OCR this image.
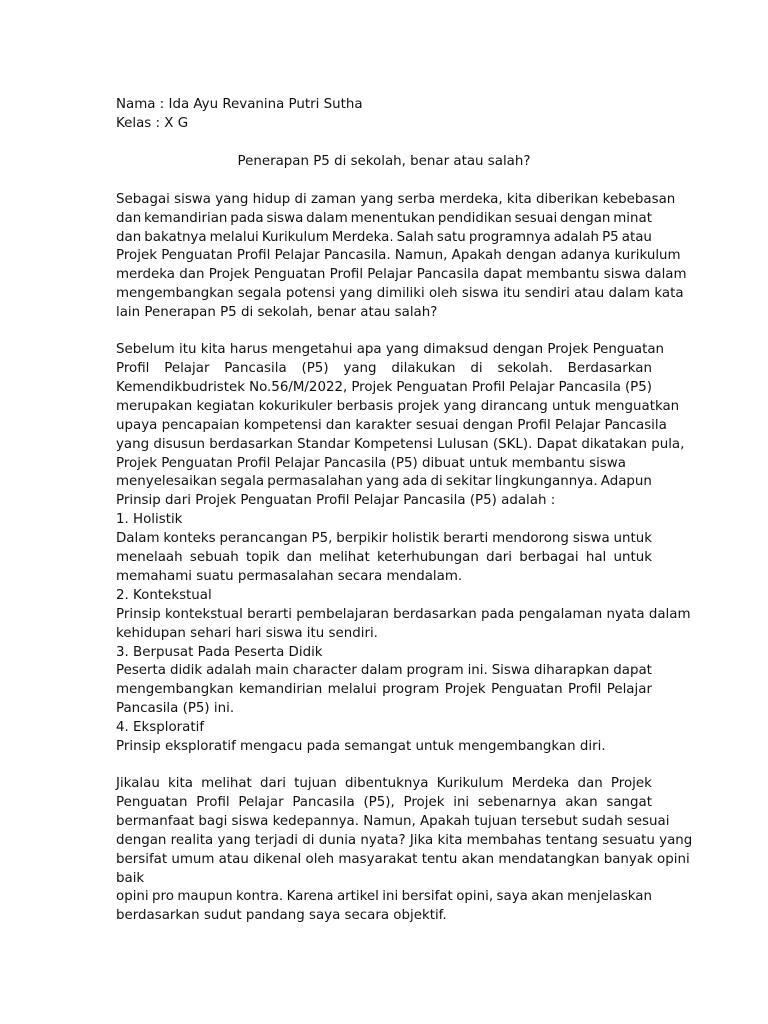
Nama : Ida Ayu Revanina Putri Sutha
Kelas : X G
Penerapan P5 di sekolah, benar atau salah?
Sebagai siswa yang hidup di zaman yang serba merdeka, kita diberikan kebebasan
dan kemandirian pada siswa dalam menentukan pendidikan sesuai dengan minat
dan bakatnya melalui Kurikulum Merdeka. Salah satu programnya adalah P5 atau
Projek Penguatan Profil Pelajar Pancasila. Namun, Apakah dengan adanya kurikulum
merdeka dan Projek Penguatan Profil Pelajar Pancasila dapat membantu siswa dalam
mengembangkan segala potensi yang dimiliki oleh siswa itu sendiri atau dalam kata
lain Penerapan P5 di sekolah, benar atau salah?
Sebelum itu kita harus mengetahui apa yang dimaksud dengan Projek Penguatan
Profil Pelajar Pancasila (P5) yang dilakukan di sekolah. Berdasarkan
Kemendikbudristek No.56/M/2022, Projek Penguatan Profil Pelajar Pancasila (P5)
merupakan kegiatan kokurikuler berbasis projek yang dirancang untuk menguatkan
upaya pencapaian kompetensi dan karakter sesuai dengan Profil Pelajar Pancasila
yang disusun berdasarkan Standar Kompetensi Lulusan (SKL). Dapat dikatakan pula,
Projek Penguatan Profil Pelajar Pancasila (P5) dibuat untuk membantu siswa
menyelesaikan segala permasalahan yang ada di sekitar lingkungannya. Adapun
Prinsip dari Projek Penguatan Profil Pelajar Pancasila (P5) adalah :
1. Holistik
Dalam konteks perancangan P5, berpikir holistik berarti mendorong siswa untuk
menelaah sebuah topik dan melihat keterhubungan dari berbagai hal untuk
memahami suatu permasalahan secara mendalam.
2. Kontekstual
Prinsip kontekstual berarti pembelajaran berdasarkan pada pengalaman nyata dalam
kehidupan sehari hari siswa itu sendiri.
3. Berpusat Pada Peserta Didik
Peserta didik adalah main character dalam program ini. Siswa diharapkan dapat
mengembangkan kemandirian melalui program Projek Penguatan Profil Pelajar
Pancasila (P5) ini.
4. Eksploratif
Prinsip eksploratif mengacu pada semangat untuk mengembangkan diri.
Jikalau kita melihat dari tujuan dibentuknya Kurikulum Merdeka dan Projek
Penguatan Profil Pelajar Pancasila (P5), Projek ini sebenarnya akan sangat
bermanfaat bagi siswa kedepannya. Namun, Apakah tujuan tersebut sudah sesuai
dengan realita yang terjadi di dunia nyata? Jika kita membahas tentang sesuatu yang
bersifat umum atau dikenal oleh masyarakat tentu akan mendatangkan banyak opini
baik
opini pro maupun kontra. Karena artikel ini bersifat opini, saya akan menjelaskan
berdasarkan sudut pandang saya secara objektif.
